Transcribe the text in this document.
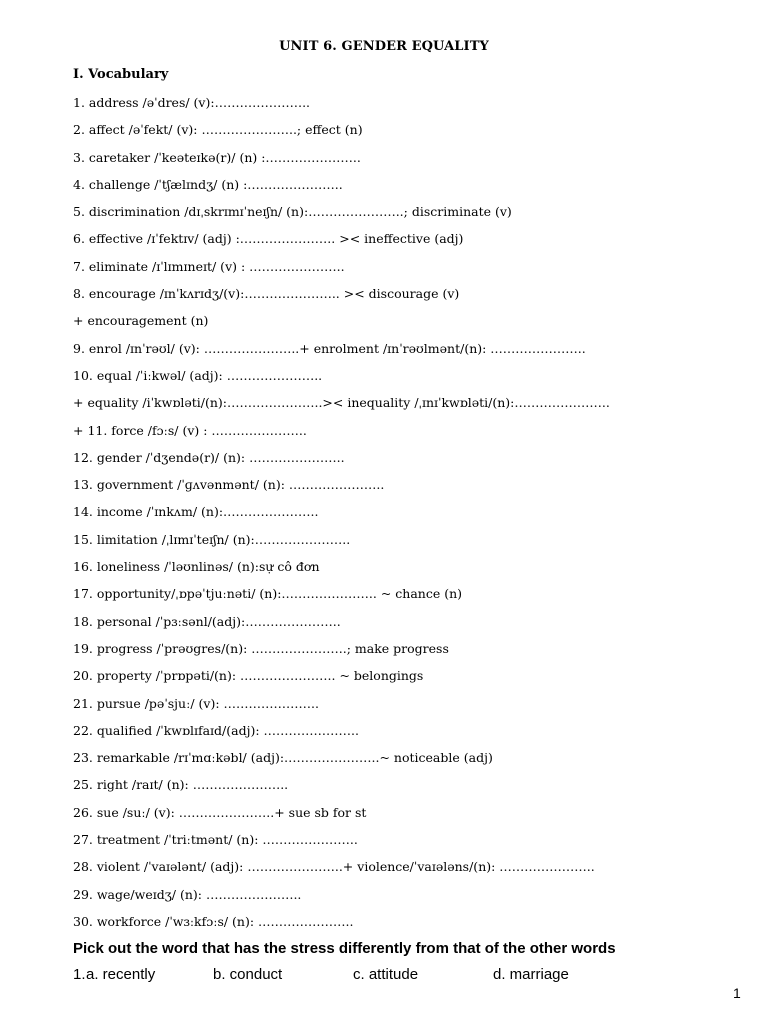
UNIT 6. GENDER EQUALITY
I. Vocabulary
1. address /əˈdres/ (v):…………………..
2. affect /əˈfekt/ (v): …………………..; effect (n)
3. caretaker /ˈkeəteɪkə(r)/ (n) :…………………..
4. challenge /ˈtʃælɪndʒ/ (n) :…………………..
5. discrimination /dɪˌskrɪmɪˈneɪʃn/ (n):…………………..; discriminate (v)
6. effective /ɪˈfektɪv/ (adj) :………………….. >< ineffective (adj)
7. eliminate /ɪˈlɪmɪneɪt/ (v) : …………………..
8. encourage /ɪnˈkʌrɪdʒ/(v):………………….. >< discourage (v)
+ encouragement (n)
9. enrol /ɪnˈrəʊl/ (v): …………………..+ enrolment /ɪnˈrəʊlmənt/(n): …………………..
10. equal /ˈiːkwəl/ (adj): …………………..
+ equality /iˈkwɒləti/(n):…………………..>< inequality /ˌɪnɪˈkwɒləti/(n):…………………..
+ 11. force /fɔːs/ (v) : …………………..
12. gender /ˈdʒendə(r)/ (n): …………………..
13. government /ˈɡʌvənmənt/ (n): …………………..
14. income /ˈɪnkʌm/ (n):…………………..
15. limitation /ˌlɪmɪˈteɪʃn/ (n):…………………..
16. loneliness /ˈləʊnlinəs/ (n):sự cô đơn
17. opportunity/ˌɒpəˈtjuːnəti/ (n):………………….. ~ chance (n)
18. personal /ˈpɜːsənl/(adj):…………………..
19. progress /ˈprəʊgres/(n): …………………..; make progress
20. property /ˈprɒpəti/(n): ………………….. ~ belongings
21. pursue /pəˈsjuː/ (v): …………………..
22. qualified /ˈkwɒlɪfaɪd/(adj): …………………..
23. remarkable /rɪˈmɑːkəbl/ (adj):…………………..~ noticeable (adj)
25. right /raɪt/ (n): …………………..
26. sue /suː/ (v): …………………..+ sue sb for st
27. treatment /ˈtriːtmənt/ (n): …………………..
28. violent /ˈvaɪələnt/ (adj): …………………..+ violence/ˈvaɪələns/(n): …………………..
29. wage/weɪdʒ/ (n): …………………..
30. workforce /ˈwɜːkfɔːs/ (n): …………………..
Pick out the word that has the stress differently from that of the other words
1. a. recently	b. conduct	c. attitude	d. marriage
1
